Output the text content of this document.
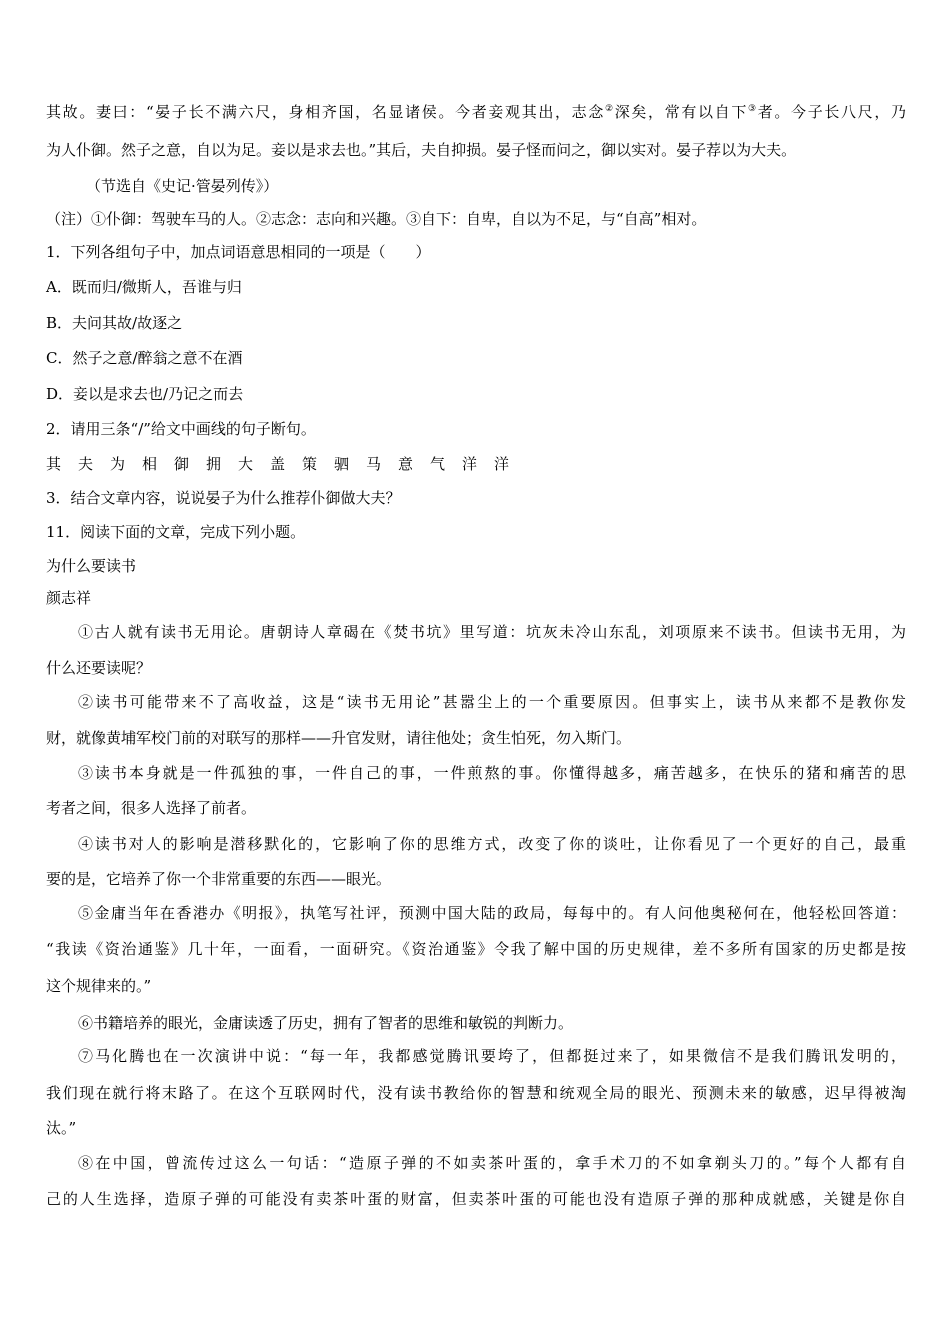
其故。妻曰：“晏子长不满六尺，身相齐国，名显诸侯。今者妾观其出，志念②深矣，常有以自下③者。今子长八尺，乃
为人仆御。然子之意，自以为足。妾以是求去也。”其后，夫自抑损。晏子怪而问之，御以实对。晏子荐以为大夫。
（节选自《史记·管晏列传》）
（注）①仆御：驾驶车马的人。②志念：志向和兴趣。③自下：自卑，自以为不足，与“自高”相对。
1．下列各组句子中，加点词语意思相同的一项是（　　）
A．既而归/微斯人，吾谁与归
B．夫问其故/故逐之
C．然子之意/醉翁之意不在酒
D．妾以是求去也/乃记之而去
2．请用三条“/”给文中画线的句子断句。
其 夫 为 相 御 拥 大 盖 策 驷 马 意 气 洋 洋
3．结合文章内容，说说晏子为什么推荐仆御做大夫？
11．阅读下面的文章，完成下列小题。
为什么要读书
颜志祥
①古人就有读书无用论。唐朝诗人章碣在《焚书坑》里写道：坑灰未冷山东乱，刘项原来不读书。但读书无用，为
什么还要读呢？
②读书可能带来不了高收益，这是“读书无用论”甚嚣尘上的一个重要原因。但事实上，读书从来都不是教你发
财，就像黄埔军校门前的对联写的那样——升官发财，请往他处；贪生怕死，勿入斯门。
③读书本身就是一件孤独的事，一件自己的事，一件煎熬的事。你懂得越多，痛苦越多，在快乐的猪和痛苦的思
考者之间，很多人选择了前者。
④读书对人的影响是潜移默化的，它影响了你的思维方式，改变了你的谈吐，让你看见了一个更好的自己，最重
要的是，它培养了你一个非常重要的东西——眼光。
⑤金庸当年在香港办《明报》，执笔写社评，预测中国大陆的政局，每每中的。有人问他奥秘何在，他轻松回答道：
“我读《资治通鉴》几十年，一面看，一面研究。《资治通鉴》令我了解中国的历史规律，差不多所有国家的历史都是按
这个规律来的。”
⑥书籍培养的眼光，金庸读透了历史，拥有了智者的思维和敏锐的判断力。
⑦马化腾也在一次演讲中说：“每一年，我都感觉腾讯要垮了，但都挺过来了，如果微信不是我们腾讯发明的，
我们现在就行将末路了。在这个互联网时代，没有读书教给你的智慧和统观全局的眼光、预测未来的敏感，迟早得被淘
汰。”
⑧在中国，曾流传过这么一句话：“造原子弹的不如卖茶叶蛋的，拿手术刀的不如拿剃头刀的。”每个人都有自
己的人生选择，造原子弹的可能没有卖茶叶蛋的财富，但卖茶叶蛋的可能也没有造原子弹的那种成就感，关键是你自
